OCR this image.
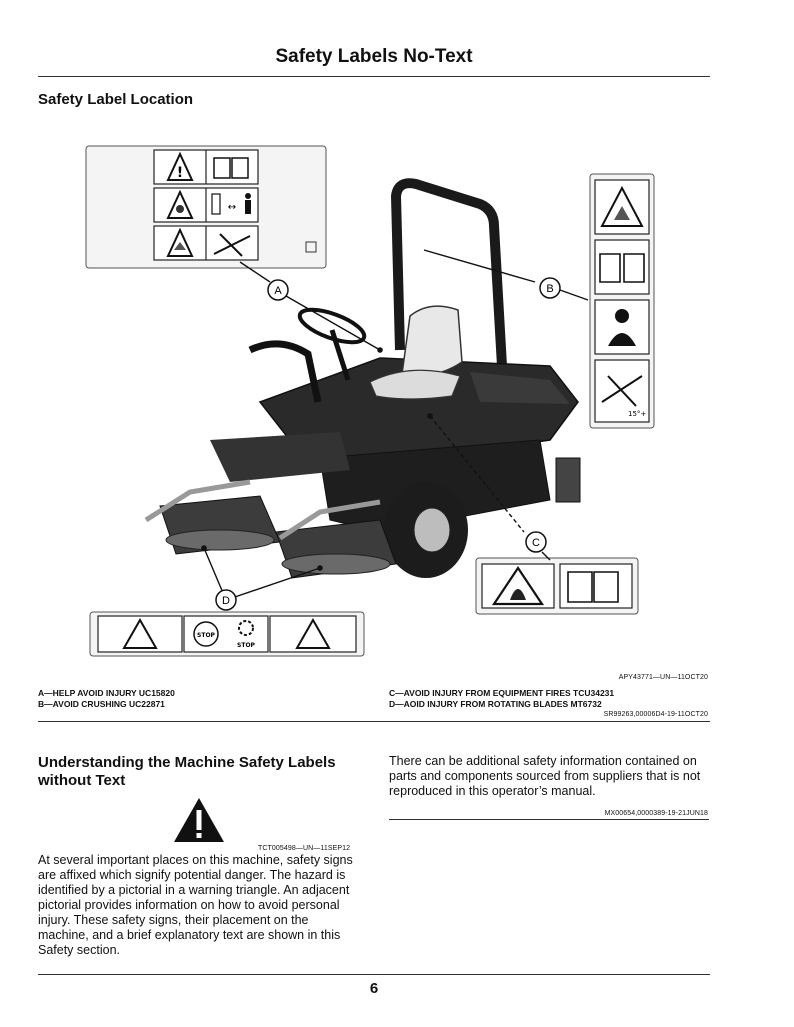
Safety Labels No-Text
Safety Label Location
!
↔
15°+
STOP
STOP
A	B
C
D
APY43771—UN—11OCT20
A—HELP AVOID INJURY UC15820
B—AVOID CRUSHING UC22871
C—AVOID INJURY FROM EQUIPMENT FIRES TCU34231
D—AOID INJURY FROM ROTATING BLADES MT6732
SR99263,00006D4-19-11OCT20
Understanding the Machine Safety Labels without Text
TCT005498—UN—11SEP12
At several important places on this machine, safety signs are affixed which signify potential danger. The hazard is identified by a pictorial in a warning triangle. An adjacent pictorial provides information on how to avoid personal injury. These safety signs, their placement on the machine, and a brief explanatory text are shown in this Safety section.
There can be additional safety information contained on parts and components sourced from suppliers that is not reproduced in this operator’s manual.
MX00654,0000389-19-21JUN18
6
